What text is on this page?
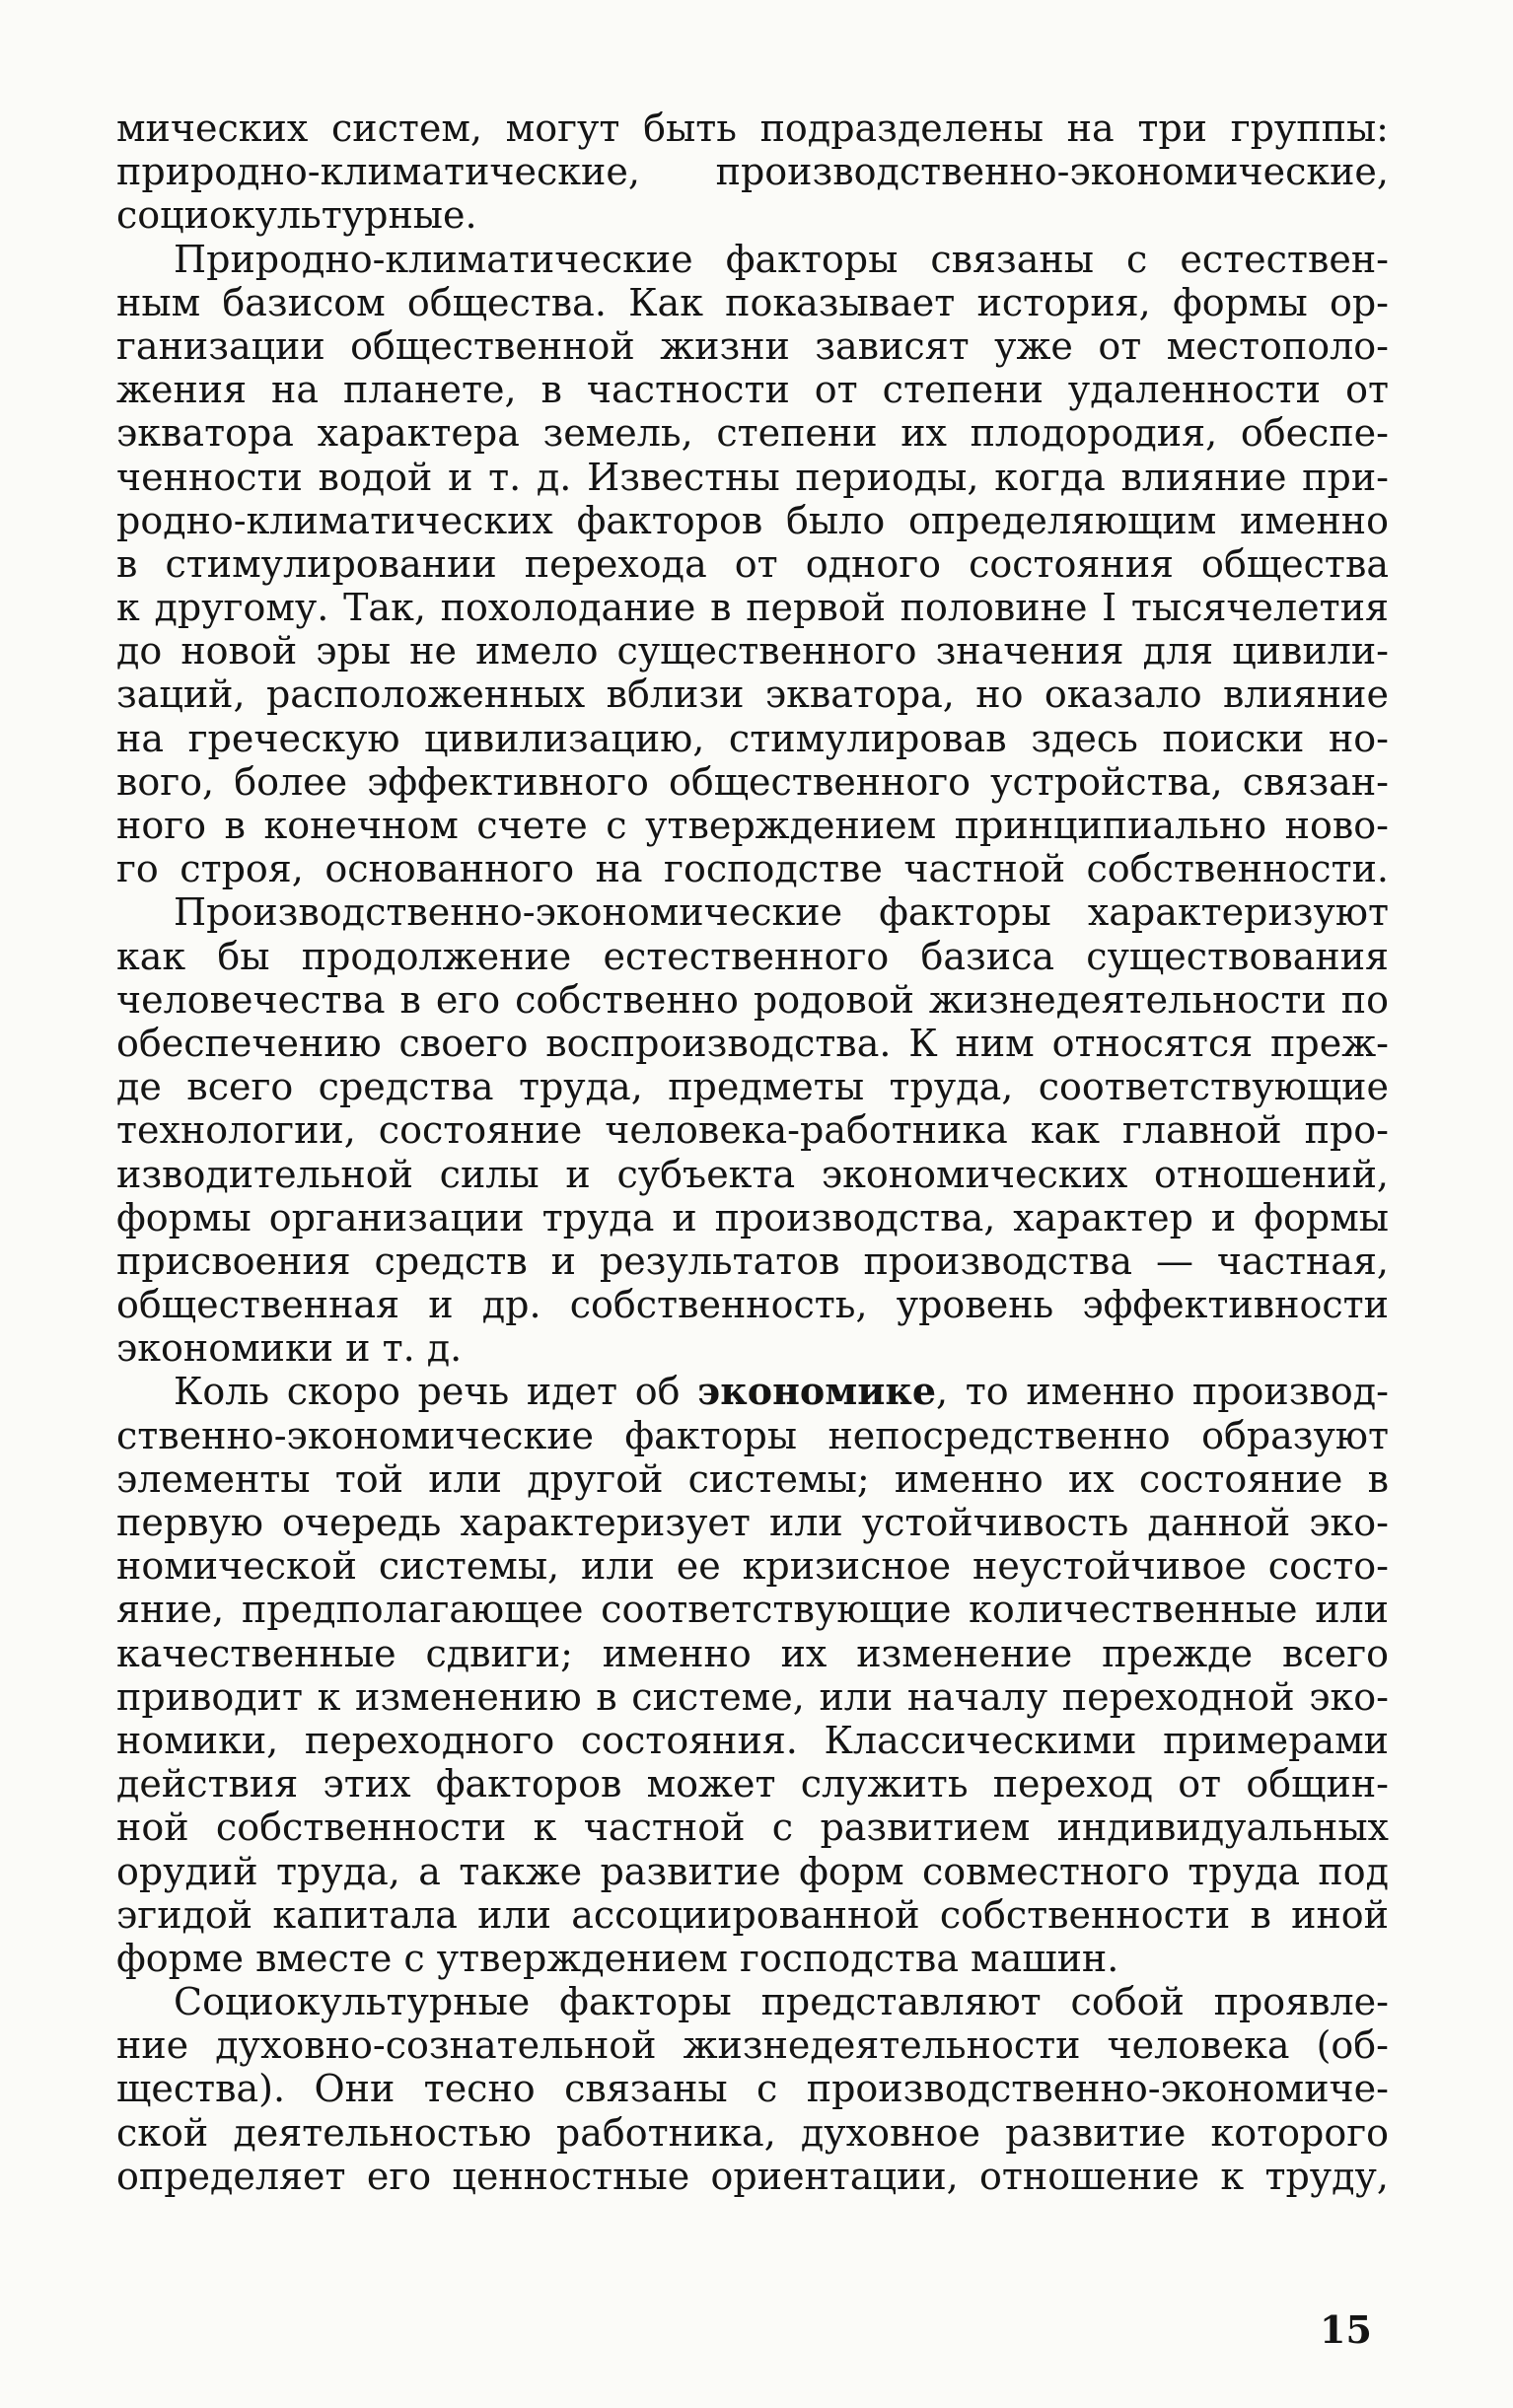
мических систем, могут быть подразделены на три группы:
природно-климатические, производственно-экономические,
социокультурные.
Природно-климатические факторы связаны с естествен-
ным базисом общества. Как показывает история, формы ор-
ганизации общественной жизни зависят уже от местополо-
жения на планете, в частности от степени удаленности от
экватора характера земель, степени их плодородия, обеспе-
ченности водой и т. д. Известны периоды, когда влияние при-
родно-климатических факторов было определяющим именно
в стимулировании перехода от одного состояния общества
к другому. Так, похолодание в первой половине I тысячелетия
до новой эры не имело существенного значения для цивили-
заций, расположенных вблизи экватора, но оказало влияние
на греческую цивилизацию, стимулировав здесь поиски но-
вого, более эффективного общественного устройства, связан-
ного в конечном счете с утверждением принципиально ново-
го строя, основанного на господстве частной собственности.
Производственно-экономические факторы характеризуют
как бы продолжение естественного базиса существования
человечества в его собственно родовой жизнедеятельности по
обеспечению своего воспроизводства. К ним относятся преж-
де всего средства труда, предметы труда, соответствующие
технологии, состояние человека-работника как главной про-
изводительной силы и субъекта экономических отношений,
формы организации труда и производства, характер и формы
присвоения средств и результатов производства — частная,
общественная и др. собственность, уровень эффективности
экономики и т. д.
Коль скоро речь идет об экономике, то именно производ-
ственно-экономические факторы непосредственно образуют
элементы той или другой системы; именно их состояние в
первую очередь характеризует или устойчивость данной эко-
номической системы, или ее кризисное неустойчивое состо-
яние, предполагающее соответствующие количественные или
качественные сдвиги; именно их изменение прежде всего
приводит к изменению в системе, или началу переходной эко-
номики, переходного состояния. Классическими примерами
действия этих факторов может служить переход от общин-
ной собственности к частной с развитием индивидуальных
орудий труда, а также развитие форм совместного труда под
эгидой капитала или ассоциированной собственности в иной
форме вместе с утверждением господства машин.
Социокультурные факторы представляют собой проявле-
ние духовно-сознательной жизнедеятельности человека (об-
щества). Они тесно связаны с производственно-экономиче-
ской деятельностью работника, духовное развитие которого
определяет его ценностные ориентации, отношение к труду,
15
